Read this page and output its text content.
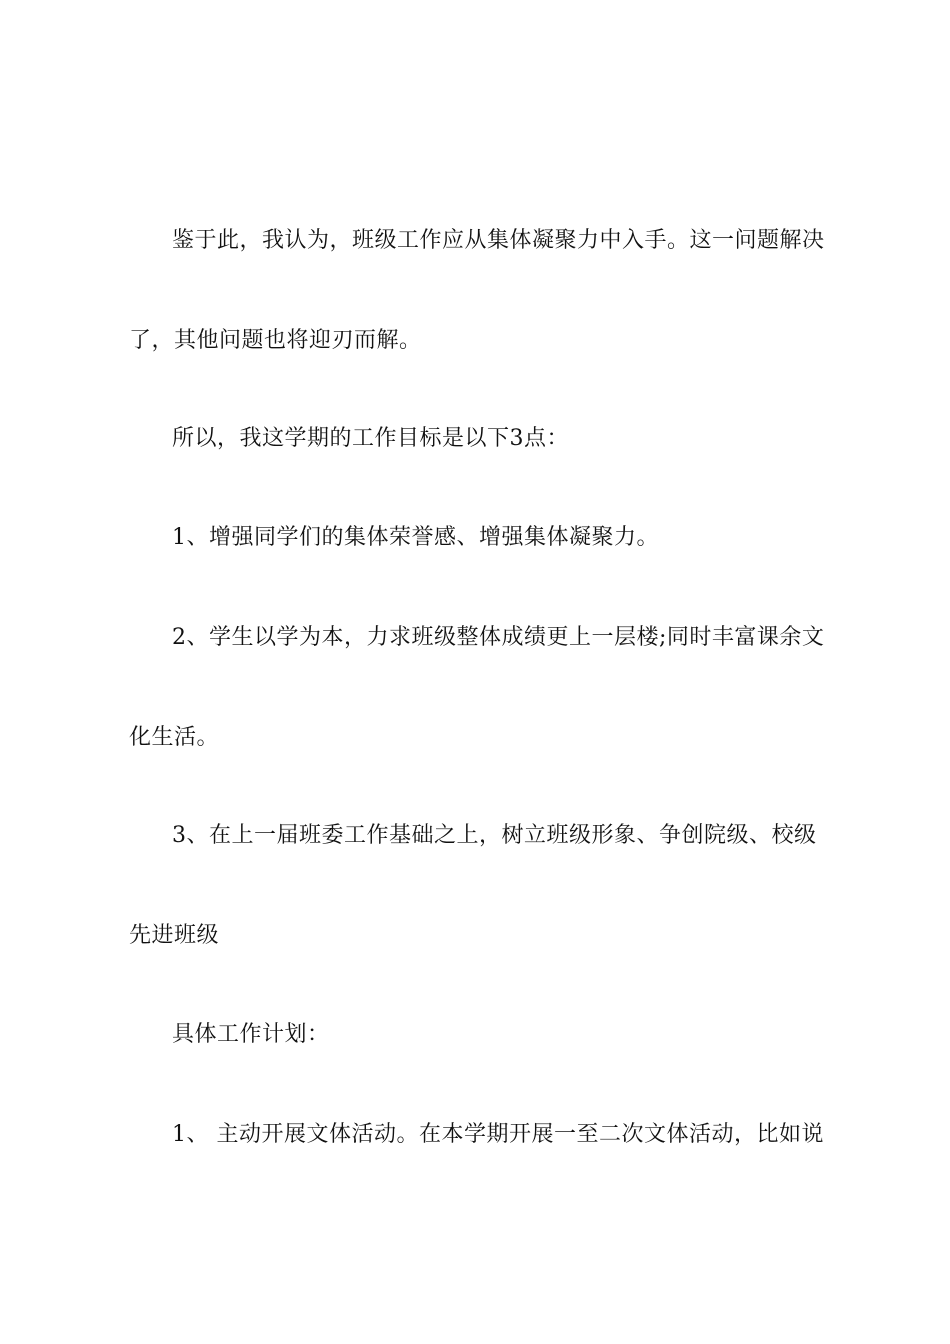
鉴于此，我认为，班级工作应从集体凝聚力中入手。这一问题解决
了，其他问题也将迎刃而解。
所以，我这学期的工作目标是以下3点：
1、增强同学们的集体荣誉感、增强集体凝聚力。
2、学生以学为本，力求班级整体成绩更上一层楼;同时丰富课余文
化生活。
3、在上一届班委工作基础之上，树立班级形象、争创院级、校级
先进班级
具体工作计划：
1、 主动开展文体活动。在本学期开展一至二次文体活动，比如说
